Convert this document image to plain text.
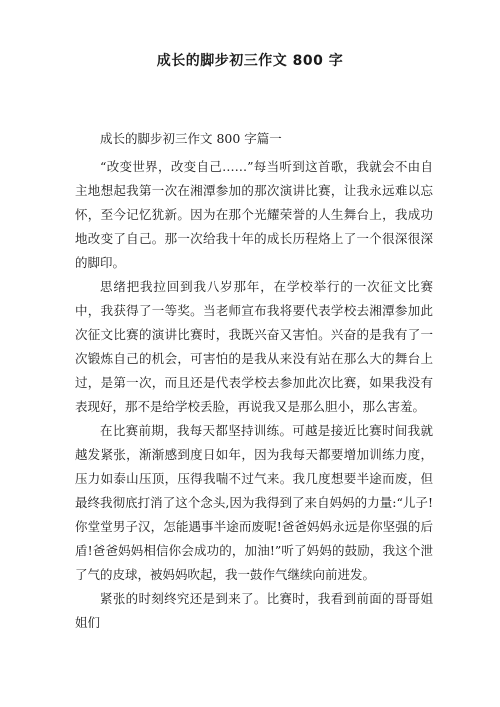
成长的脚步初三作文 800 字
成长的脚步初三作文 800 字篇一

“改变世界，改变自己……”每当听到这首歌，我就会不由自主地想起我第一次在湘潭参加的那次演讲比赛，让我永远难以忘怀，至今记忆犹新。因为在那个光耀荣誉的人生舞台上，我成功地改变了自己。那一次给我十年的成长历程烙上了一个很深很深的脚印。

思绪把我拉回到我八岁那年，在学校举行的一次征文比赛中，我获得了一等奖。当老师宣布我将要代表学校去湘潭参加此次征文比赛的演讲比赛时，我既兴奋又害怕。兴奋的是我有了一次锻炼自己的机会，可害怕的是我从来没有站在那么大的舞台上过，是第一次，而且还是代表学校去参加此次比赛，如果我没有表现好，那不是给学校丢脸，再说我又是那么胆小，那么害羞。

在比赛前期，我每天都坚持训练。可越是接近比赛时间我就越发紧张，渐渐感到度日如年，因为我每天都要增加训练力度，压力如泰山压顶，压得我喘不过气来。我几度想要半途而废，但最终我彻底打消了这个念头,因为我得到了来自妈妈的力量:“儿子!你堂堂男子汉，怎能遇事半途而废呢!爸爸妈妈永远是你坚强的后盾!爸爸妈妈相信你会成功的，加油!”听了妈妈的鼓励，我这个泄了气的皮球，被妈妈吹起，我一鼓作气继续向前进发。

紧张的时刻终究还是到来了。比赛时，我看到前面的哥哥姐姐们
